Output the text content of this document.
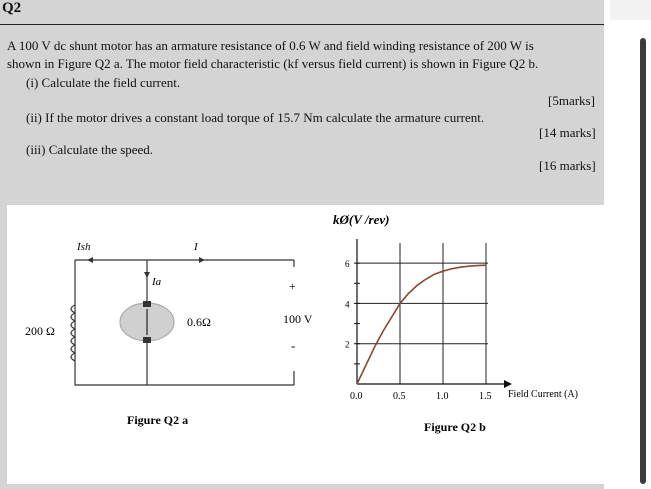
Q2
A 100 V dc shunt motor has an armature resistance of 0.6 W and field winding resistance of 200 W is
shown in Figure Q2 a. The motor field characteristic (kf versus field current) is shown in Figure Q2 b.
(i) Calculate the field current.
[5marks]
(ii) If the motor drives a constant load torque of 15.7 Nm calculate the armature current.
[14 marks]
(iii) Calculate the speed.
[16 marks]
Ish	I
Ia
0.6Ω
200 Ω
100 V
+
-
Figure Q2 a
kØ(V /rev)
Field Current (A)
Figure Q2 b
0.0	0.5	1.0	1.5
2
4
6
